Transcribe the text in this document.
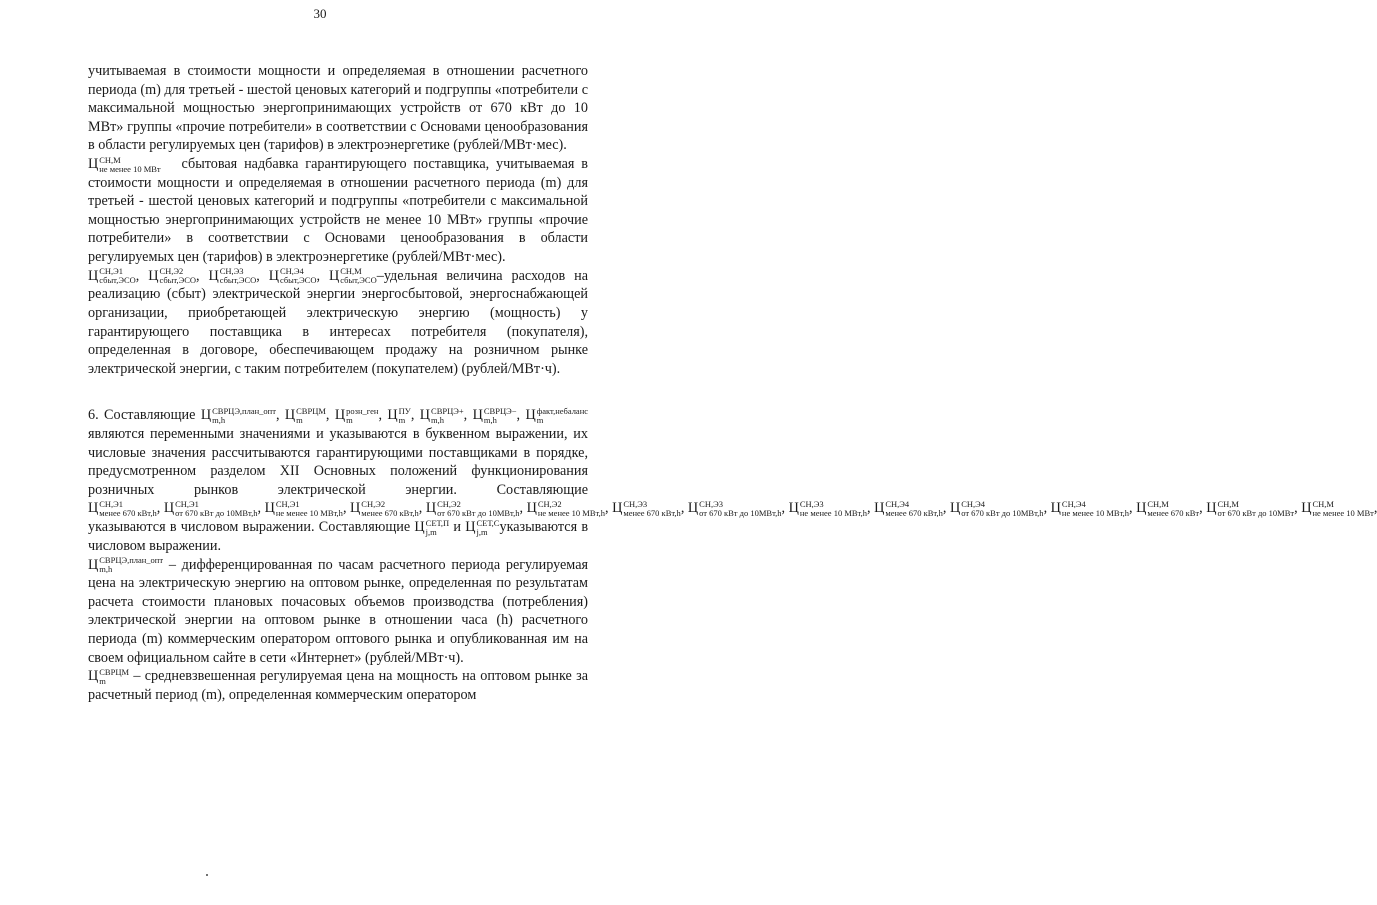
30

учитываемая в стоимости мощности и определяемая в отношении расчетного периода (m) для третьей - шестой ценовых категорий и подгруппы «потребители с максимальной мощностью энергопринимающих устройств от 670 кВт до 10 МВт» группы «прочие потребители» в соответствии с Основами ценообразования в области регулируемых цен (тарифов) в электроэнергетике (рублей/МВт·мес).

Ц СН,М
не менее 10 МВт сбытовая надбавка гарантирующего поставщика, учитываемая в стоимости мощности и определяемая в отношении расчетного периода (m) для третьей - шестой ценовых категорий и подгруппы «потребители с максимальной мощностью энергопринимающих устройств не менее 10 МВт» группы «прочие потребители» в соответствии с Основами ценообразования в области регулируемых цен (тарифов) в электроэнергетике (рублей/МВт·мес).

Ц СН,Э1
сбыт,ЭСО , Ц СН,Э2
сбыт,ЭСО , Ц СН,Э3
сбыт,ЭСО , Ц СН,Э4
сбыт,ЭСО , Ц СН,М
сбыт,ЭСО –удельная величина расходов на реализацию (сбыт) электрической энергии энергосбытовой, энергоснабжающей организации, приобретающей электрическую энергию (мощность) у гарантирующего поставщика в интересах потребителя (покупателя), определенная в договоре, обеспечивающем продажу на розничном рынке электрической энергии, с таким потребителем (покупателем) (рублей/МВт·ч).

6. Составляющие Ц СВРЦЭ,план_опт
m,h	, Ц СВРЦМ
m	, Ц розн_ген
m	, Ц ПУ
m , Ц СВРЦЭ+
m,h	, Ц СВРЦЭ−
m,h	, Ц факт,небаланс
m
являются переменными значениями и указываются в буквенном выражении, их числовые значения рассчитываются гарантирующими поставщиками в порядке, предусмотренном разделом XII Основных положений функционирования розничных рынков электрической энергии.	Составляющие Ц СН,Э1
менее 670 кВт,h , Ц СН,Э1
от 670 кВт до 10МВт,h , Ц СН,Э1
не менее 10 МВт,h , Ц СН,Э2
менее 670 кВт,h , Ц СН,Э2
от 670 кВт до 10МВт,h , Ц СН,Э2
не менее 10 МВт,h , Ц СН,Э3
менее 670 кВт,h , Ц СН,Э3
от 670 кВт до 10МВт,h , Ц СН,Э3
не менее 10 МВт,h , Ц СН,Э4
менее 670 кВт,h , Ц СН,Э4
от 670 кВт до 10МВт,h , Ц СН,Э4
не менее 10 МВт,h , Ц СН,М
менее 670 кВт , Ц СН,М
от 670 кВт до 10МВт , Ц СН,М
не менее 10 МВт
указываются в числовом выражении. Составляющие Ц СЕТ,П
j,m	и Ц СЕТ,С
j,m указываются в числовом выражении.

Ц СВРЦЭ,план_опт
m,h	– дифференцированная по часам расчетного периода регулируемая цена на электрическую энергию на оптовом рынке, определенная по результатам расчета стоимости плановых почасовых объемов производства (потребления) электрической энергии на оптовом рынке в отношении часа (h) расчетного периода (m) коммерческим оператором оптового рынка и опубликованная им на своем официальном сайте в сети «Интернет» (рублей/МВт·ч).

Ц СВРЦМ
m	– средневзвешенная регулируемая цена на мощность на оптовом рынке за расчетный период (m), определенная коммерческим оператором
